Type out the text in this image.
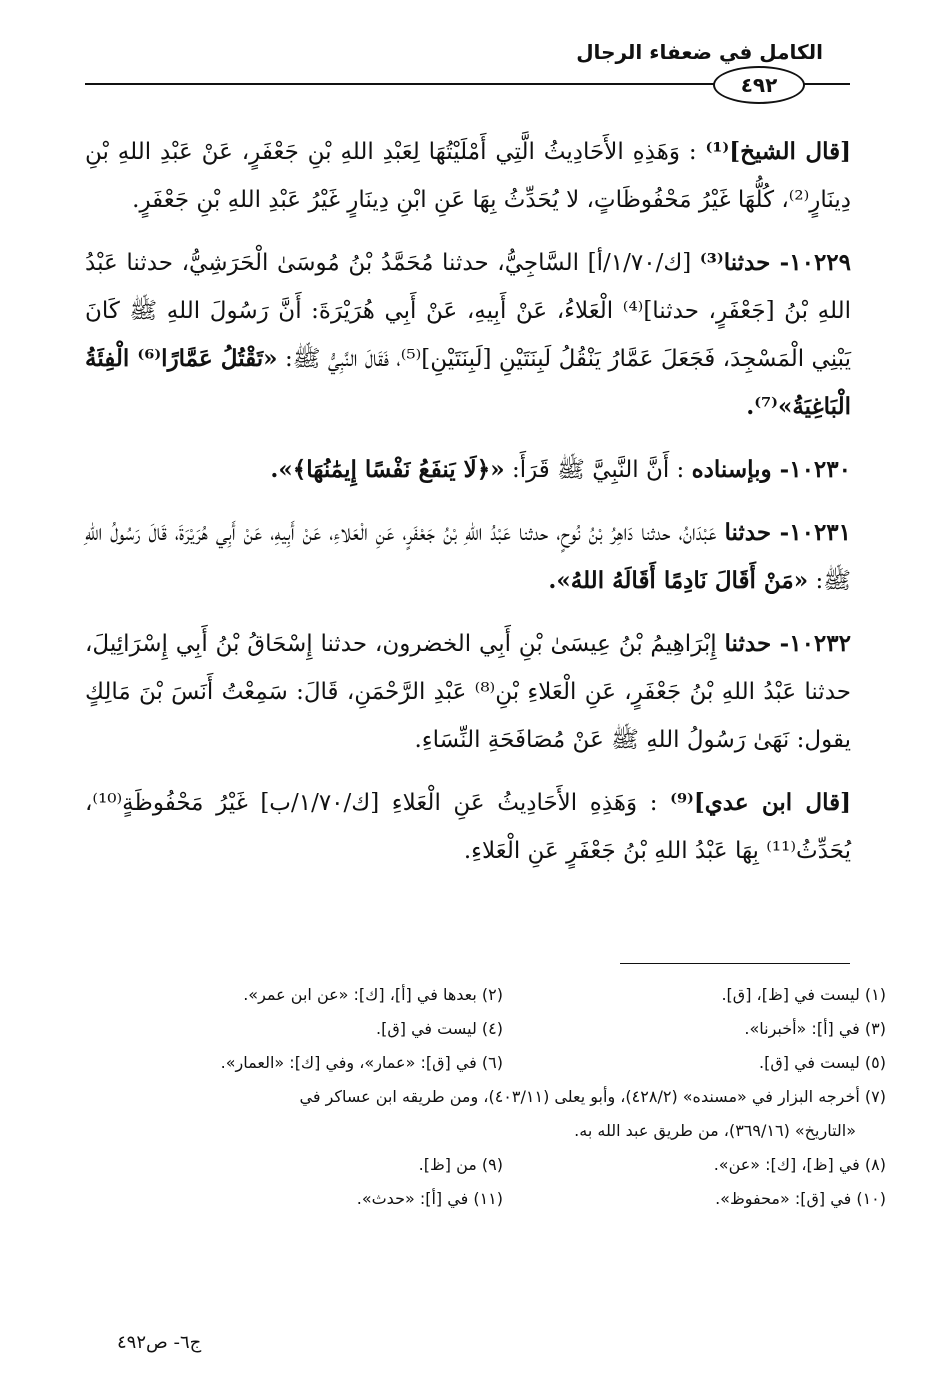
الكامل في ضعفاء الرجال
٤٩٢

[قال الشيخ]⁽¹⁾ : وَهَذِهِ الأَحَادِيثُ الَّتِي أَمْلَيْتُهَا لِعَبْدِ اللهِ بْنِ جَعْفَرٍ، عَنْ عَبْدِ اللهِ بْنِ دِينَارٍ⁽²⁾، كُلُّهَا غَيْرُ مَحْفُوظَاتٍ، لا يُحَدِّثُ بِهَا عَنِ ابْنِ دِينَارٍ غَيْرُ عَبْدِ اللهِ بْنِ جَعْفَرٍ.

١٠٢٢٩- حدثنا⁽³⁾ [ك/١/٧٠/أ] السَّاجِيُّ، حدثنا مُحَمَّدُ بْنُ مُوسَىٰ الْحَرَشِيُّ، حدثنا عَبْدُ اللهِ بْنُ [جَعْفَرٍ، حدثنا]⁽⁴⁾ الْعَلاءُ، عَنْ أَبِيهِ، عَنْ أَبِي هُرَيْرَةَ: أَنَّ رَسُولَ اللهِ ﷺ كَانَ يَبْنِي الْمَسْجِدَ، فَجَعَلَ عَمَّارُ يَنْقُلُ لَبِنَتَيْنِ [لَبِنَتَيْنِ]⁽⁵⁾، فَقَالَ النَّبِيُّ ﷺ: «تَقْتُلُ عَمَّارًا⁽⁶⁾ الْفِئَةُ الْبَاغِيَةُ»⁽⁷⁾.

١٠٢٣٠- وبإسناده : أَنَّ النَّبِيَّ ﷺ قَرَأَ: «﴿لَا يَنفَعُ نَفْسًا إِيمَٰنُهَا﴾».

١٠٢٣١- حدثنا عَبْدَانُ، حدثنا دَاهِرُ بْنُ نُوحٍ، حدثنا عَبْدُ اللهِ بْنُ جَعْفَرٍ، عَنِ الْعَلاءِ، عَنْ أَبِيهِ، عَنْ أَبِي هُرَيْرَةَ، قَالَ رَسُولُ اللهِ ﷺ: «مَنْ أَقَالَ نَادِمًا أَقَالَهُ اللهُ».

١٠٢٣٢- حدثنا إِبْرَاهِيمُ بْنُ عِيسَىٰ بْنِ أَبِي الخضرون، حدثنا إِسْحَاقُ بْنُ أَبِي إِسْرَائِيلَ، حدثنا عَبْدُ اللهِ بْنُ جَعْفَرٍ، عَنِ الْعَلاءِ بْنِ⁽⁸⁾ عَبْدِ الرَّحْمَنِ، قَالَ: سَمِعْتُ أَنَسَ بْنَ مَالِكٍ يقول: نَهَىٰ رَسُولُ اللهِ ﷺ عَنْ مُصَافَحَةِ النِّسَاءِ.

[قال ابن عدي]⁽⁹⁾ : وَهَذِهِ الأَحَادِيثُ عَنِ الْعَلاءِ [ك/١/٧٠/ب] غَيْرُ مَحْفُوظَةٍ⁽¹⁰⁾، يُحَدِّثُ⁽¹¹⁾ بِهَا عَبْدُ اللهِ بْنُ جَعْفَرٍ عَنِ الْعَلاءِ.

(١) ليست في [ظ]، [ق].
(٢) بعدها في [أ]، [ك]: «عن ابن عمر».
(٣) في [أ]: «أخبرنا».
(٤) ليست في [ق].
(٥) ليست في [ق].
(٦) في [ق]: «عمار»، وفي [ك]: «العمار».
(٧) أخرجه البزار في «مسنده» (٤٢٨/٢)، وأبو يعلى (٤٠٣/١١)، ومن طريقه ابن عساكر في
«التاريخ» (٣٦٩/١٦)، من طريق عبد الله به.
(٨) في [ظ]، [ك]: «عن».
(٩) من [ظ].
(١٠) في [ق]: «محفوظ».
(١١) في [أ]: «حدث».
ج٦- ص٤٩٢
